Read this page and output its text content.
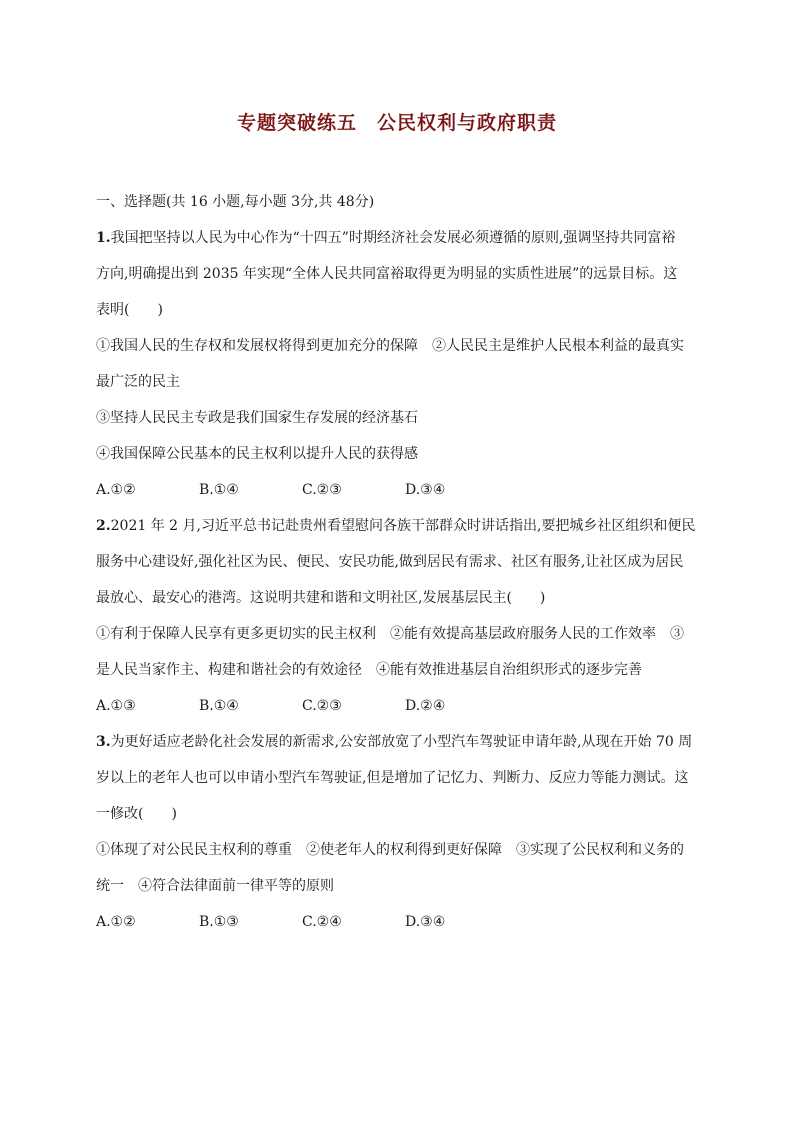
专题突破练五　公民权利与政府职责

一、选择题(共 16 小题,每小题 3分,共 48分)

1.我国把坚持以人民为中心作为“十四五”时期经济社会发展必须遵循的原则,强调坚持共同富裕

方向,明确提出到 2035 年实现“全体人民共同富裕取得更为明显的实质性进展”的远景目标。这

表明(　　)

①我国人民的生存权和发展权将得到更加充分的保障　②人民民主是维护人民根本利益的最真实

最广泛的民主

③坚持人民民主专政是我们国家生存发展的经济基石

④我国保障公民基本的民主权利以提升人民的获得感

A.①②	B.①④	C.②③	D.③④

2.2021 年 2 月,习近平总书记赴贵州看望慰问各族干部群众时讲话指出,要把城乡社区组织和便民

服务中心建设好,强化社区为民、便民、安民功能,做到居民有需求、社区有服务,让社区成为居民

最放心、最安心的港湾。这说明共建和谐和文明社区,发展基层民主(　　)

①有利于保障人民享有更多更切实的民主权利　②能有效提高基层政府服务人民的工作效率　③

是人民当家作主、构建和谐社会的有效途径　④能有效推进基层自治组织形式的逐步完善

A.①③	B.①④	C.②③	D.②④

3.为更好适应老龄化社会发展的新需求,公安部放宽了小型汽车驾驶证申请年龄,从现在开始 70 周

岁以上的老年人也可以申请小型汽车驾驶证,但是增加了记忆力、判断力、反应力等能力测试。这

一修改(　　)

①体现了对公民民主权利的尊重　②使老年人的权利得到更好保障　③实现了公民权利和义务的

统一　④符合法律面前一律平等的原则

A.①②	B.①③	C.②④	D.③④
